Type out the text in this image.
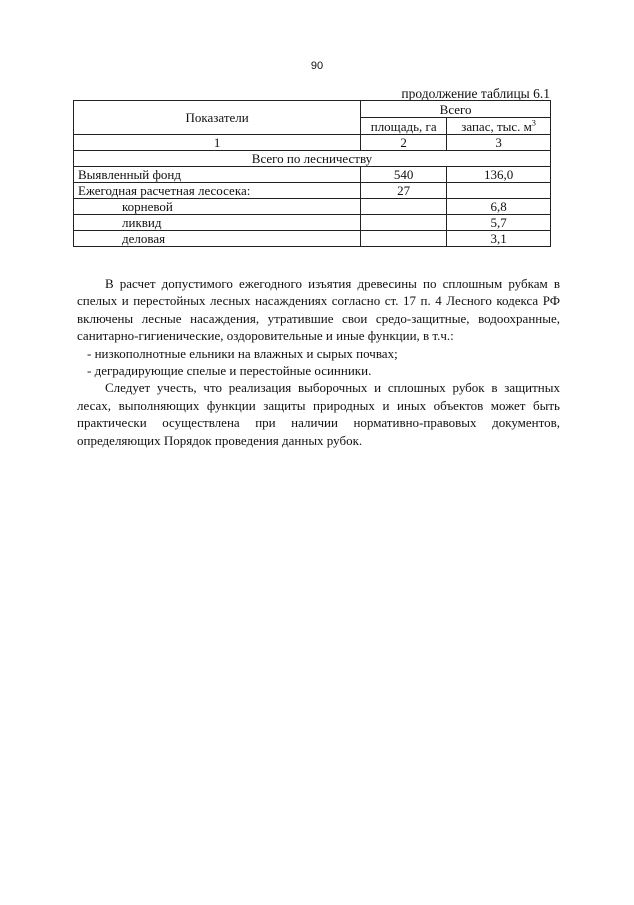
90
продолжение таблицы 6.1
Показатели	Всего	
	площадь, га	запас, тыс. $м^3$
1	2	3
Всего по лесничеству		
Выявленный фонд	540	136,0
Ежегодная расчетная лесосека:	27	
корневой		6,8
ликвид		5,7
деловая		3,1

В расчет допустимого ежегодного изъятия древесины по сплошным рубкам в спелых и перестойных лесных насаждениях согласно ст. 17 п. 4 Лесного кодекса РФ включены лесные насаждения, утратившие свои средо-защитные, водоохранные, санитарно-гигиенические, оздоровительные и иные функции, в т.ч.:

- низкополнотные ельники на влажных и сырых почвах;

- деградирующие спелые и перестойные осинники.

Следует учесть, что реализация выборочных и сплошных рубок в защитных лесах, выполняющих функции защиты природных и иных объектов может быть практически осуществлена при наличии нормативно-правовых документов, определяющих Порядок проведения данных рубок.
